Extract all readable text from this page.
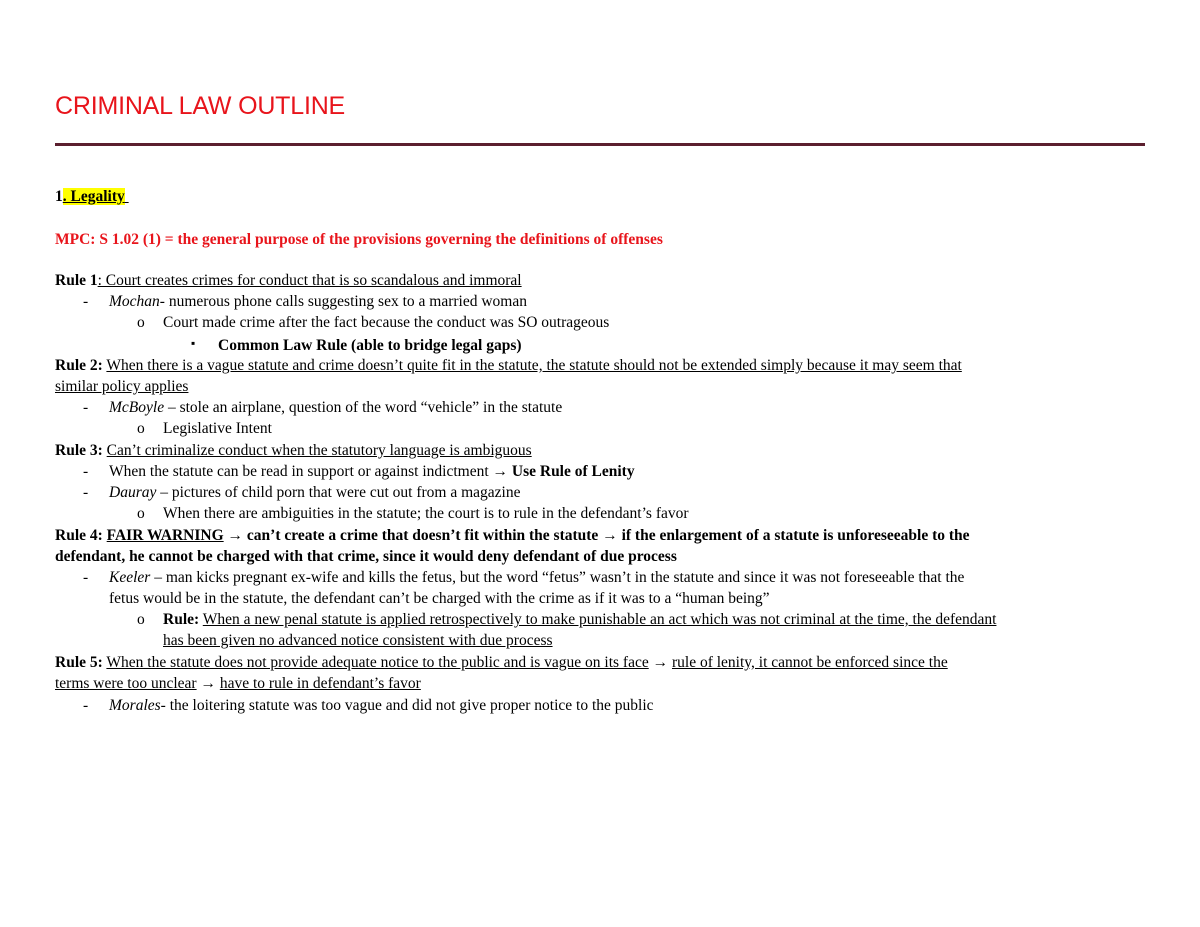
CRIMINAL LAW OUTLINE
1. Legality
MPC: S 1.02 (1) = the general purpose of the provisions governing the definitions of offenses
Rule 1: Court creates crimes for conduct that is so scandalous and immoral
- Mochan- numerous phone calls suggesting sex to a married woman
o Court made crime after the fact because the conduct was SO outrageous
▪ Common Law Rule (able to bridge legal gaps)
Rule 2: When there is a vague statute and crime doesn’t quite fit in the statute, the statute should not be extended simply because it may seem that
similar policy applies
- McBoyle – stole an airplane, question of the word “vehicle” in the statute
o Legislative Intent
Rule 3: Can’t criminalize conduct when the statutory language is ambiguous
- When the statute can be read in support or against indictment → Use Rule of Lenity
- Dauray – pictures of child porn that were cut out from a magazine
o When there are ambiguities in the statute; the court is to rule in the defendant’s favor
Rule 4: FAIR WARNING → can’t create a crime that doesn’t fit within the statute → if the enlargement of a statute is unforeseeable to the
defendant, he cannot be charged with that crime, since it would deny defendant of due process
- Keeler – man kicks pregnant ex-wife and kills the fetus, but the word “fetus” wasn’t in the statute and since it was not foreseeable that the
fetus would be in the statute, the defendant can’t be charged with the crime as if it was to a “human being”
o Rule: When a new penal statute is applied retrospectively to make punishable an act which was not criminal at the time, the defendant
has been given no advanced notice consistent with due process
Rule 5: When the statute does not provide adequate notice to the public and is vague on its face → rule of lenity, it cannot be enforced since the
terms were too unclear → have to rule in defendant’s favor
- Morales- the loitering statute was too vague and did not give proper notice to the public
